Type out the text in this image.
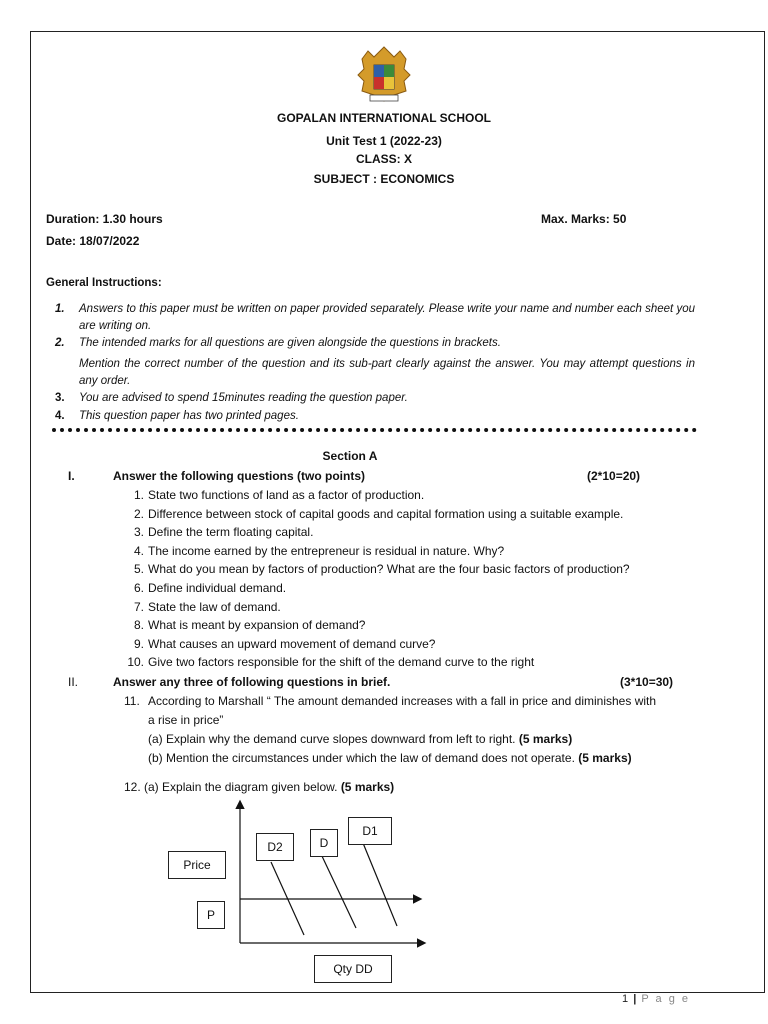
GOPALAN INTERNATIONAL SCHOOL
Unit Test 1 (2022-23)
CLASS: X
SUBJECT : ECONOMICS
Duration: 1.30 hours	Max. Marks: 50
Date: 18/07/2022
General Instructions:
1. Answers to this paper must be written on paper provided separately. Please write your name and number each sheet you are writing on.
2. The intended marks for all questions are given alongside the questions in brackets.
Mention the correct number of the question and its sub-part clearly against the answer. You may attempt questions in any order.
3. You are advised to spend 15minutes reading the question paper.
4. This question paper has two printed pages.
Section A
I.	Answer the following questions (two points)	(2*10=20)
1. State two functions of land as a factor of production.
2. Difference between stock of capital goods and capital formation using a suitable example.
3. Define the term floating capital.
4. The income earned by the entrepreneur is residual in nature. Why?
5. What do you mean by factors of production? What are the four basic factors of production?
6. Define individual demand.
7. State the law of demand.
8. What is meant by expansion of demand?
9. What causes an upward movement of demand curve?
10. Give two factors responsible for the shift of the demand curve to the right
II.	Answer any three of following questions in brief.	(3*10=30)
11. According to Marshall “ The amount demanded increases with a fall in price and diminishes with
a rise in price”
(a) Explain why the demand curve slopes downward from left to right. (5 marks)
(b) Mention the circumstances under which the law of demand does not operate. (5 marks)
12. (a) Explain the diagram given below. (5 marks)
Price
P
D2	D
D1
Qty DD
1 | P a g e
